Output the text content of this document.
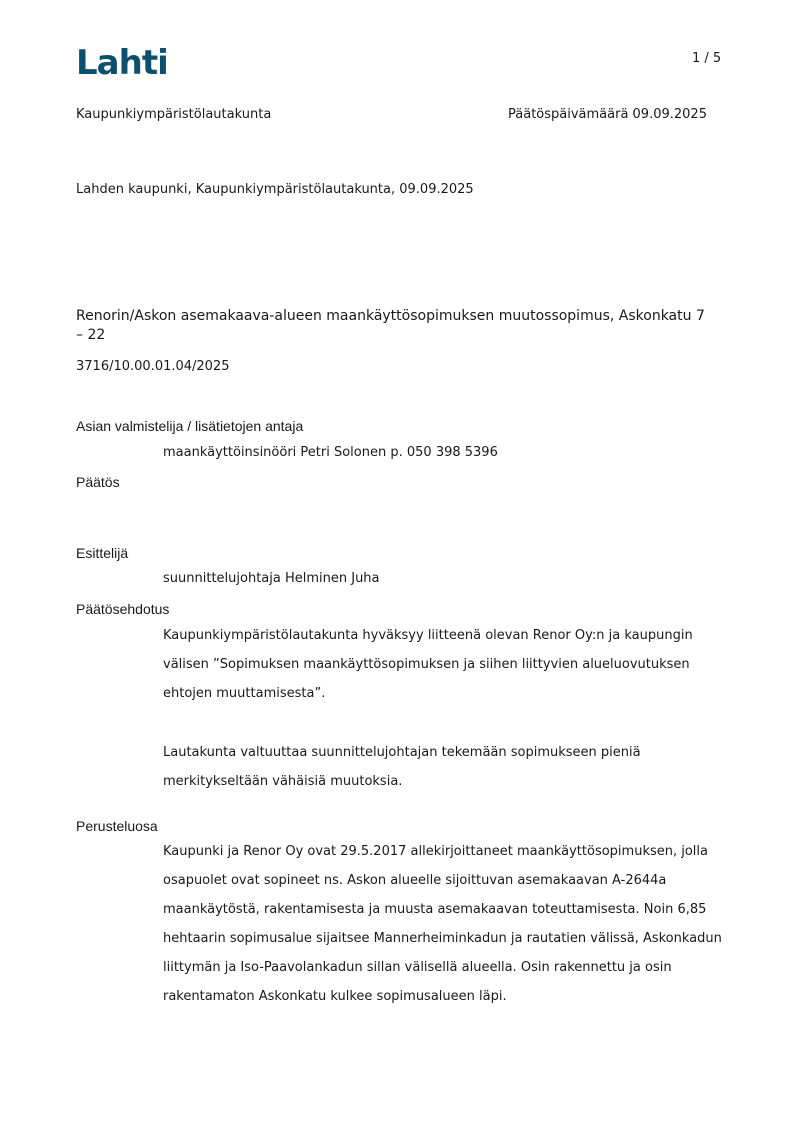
Lahti	1 / 5
Kaupunkiympäristölautakunta	Päätöspäivämäärä 09.09.2025
Lahden kaupunki, Kaupunkiympäristölautakunta, 09.09.2025
Renorin/Askon asemakaava-alueen maankäyttösopimuksen muutossopimus, Askonkatu 7 – 22
3716/10.00.01.04/2025
Asian valmistelija / lisätietojen antaja
maankäyttöinsinööri Petri Solonen p. 050 398 5396
Päätös
Esittelijä
suunnittelujohtaja Helminen Juha
Päätösehdotus
Kaupunkiympäristölautakunta hyväksyy liitteenä olevan Renor Oy:n ja kaupungin välisen ”Sopimuksen maankäyttösopimuksen ja siihen liittyvien alueluovutuksen ehtojen muuttamisesta”.
Lautakunta valtuuttaa suunnittelujohtajan tekemään sopimukseen pieniä merkitykseltään vähäisiä muutoksia.
Perusteluosa
Kaupunki ja Renor Oy ovat 29.5.2017 allekirjoittaneet maankäyttösopimuksen, jolla osapuolet ovat sopineet ns. Askon alueelle sijoittuvan asemakaavan A-2644a maankäytöstä, rakentamisesta ja muusta asemakaavan toteuttamisesta. Noin 6,85 hehtaarin sopimusalue sijaitsee Mannerheiminkadun ja rautatien välissä, Askonkadun liittymän ja Iso-Paavolankadun sillan välisellä alueella. Osin rakennettu ja osin rakentamaton Askonkatu kulkee sopimusalueen läpi.
